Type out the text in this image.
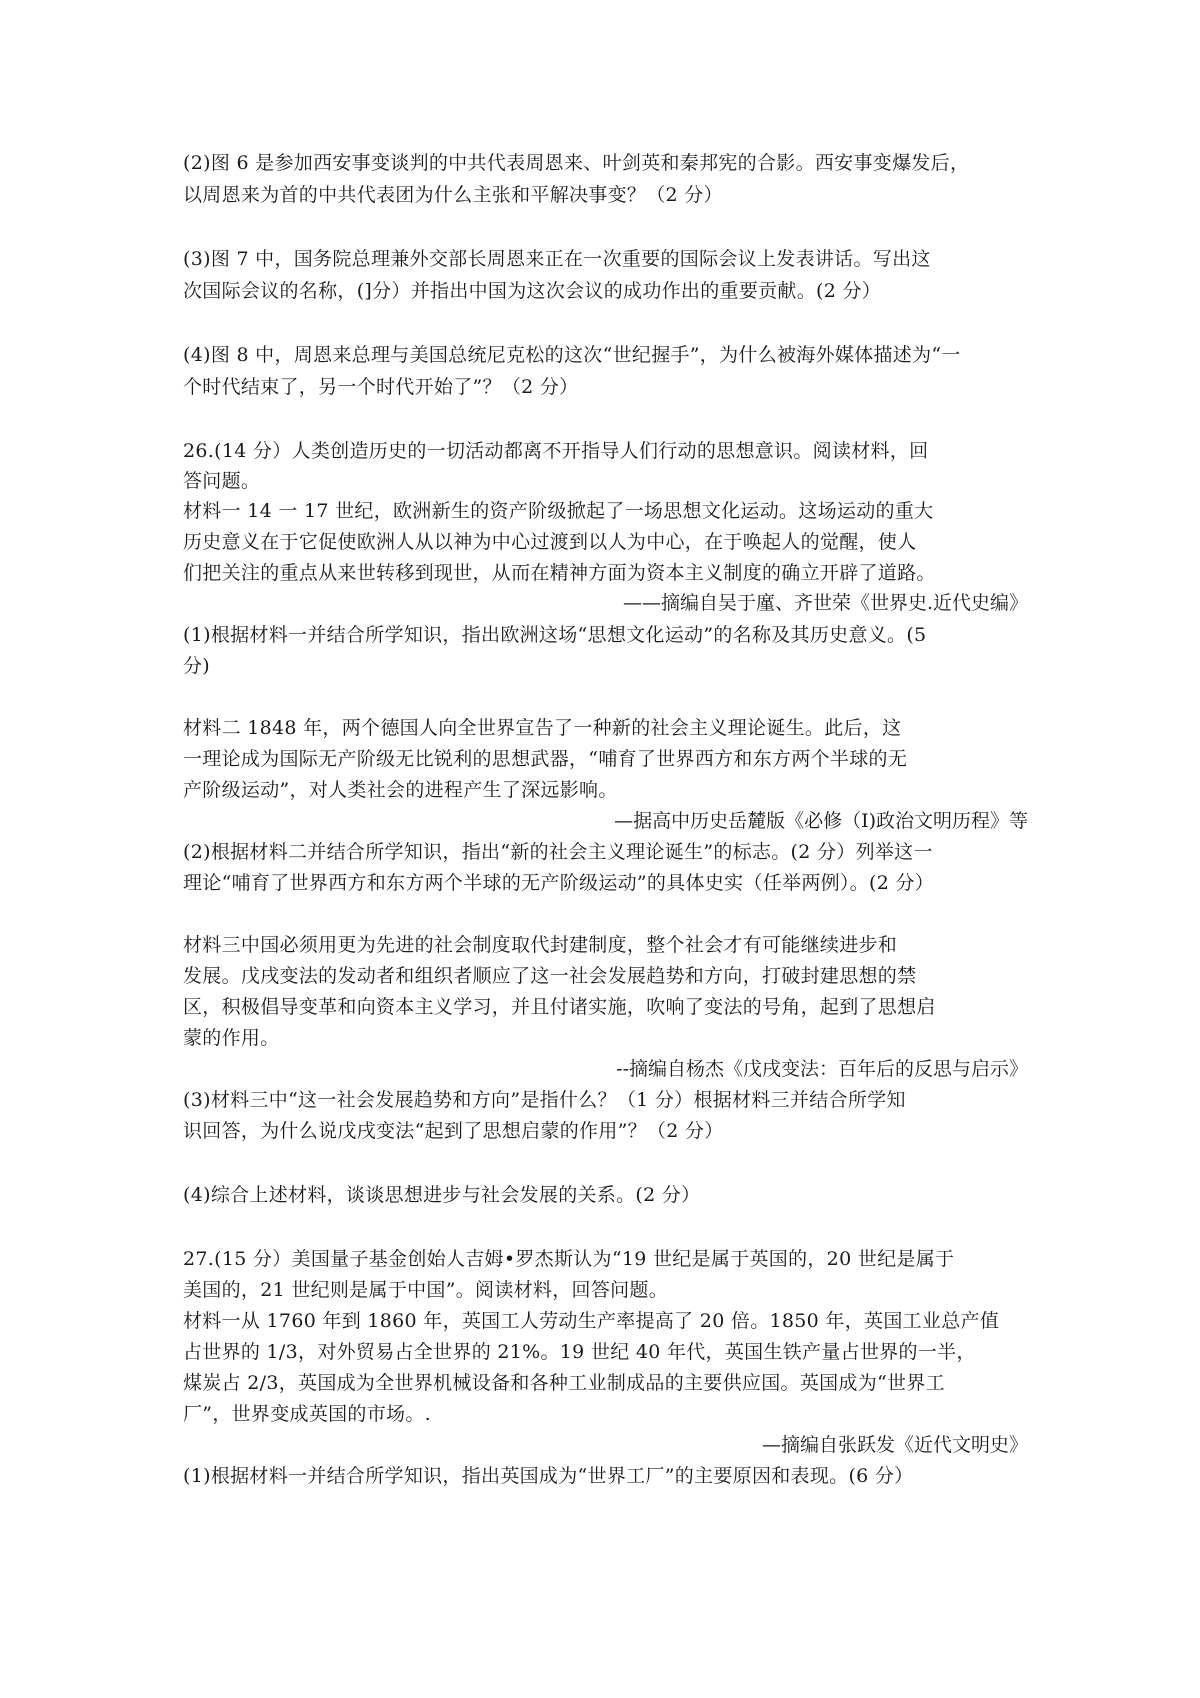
(2)图 6 是参加西安事变谈判的中共代表周恩来、叶剑英和秦邦宪的合影。西安事变爆发后，
以周恩来为首的中共代表团为什么主张和平解决事变？（2 分）
(3)图 7 中，国务院总理兼外交部长周恩来正在一次重要的国际会议上发表讲话。写出这
次国际会议的名称，(]分）并指出中国为这次会议的成功作出的重要贡献。(2 分）
(4)图 8 中，周恩来总理与美国总统尼克松的这次“世纪握手”，为什么被海外媒体描述为“一
个时代结束了，另一个时代开始了”？（2 分）
26.(14 分）人类创造历史的一切活动都离不开指导人们行动的思想意识。阅读材料，回
答问题。
材料一 14 一 17 世纪，欧洲新生的资产阶级掀起了一场思想文化运动。这场运动的重大
历史意义在于它促使欧洲人从以神为中心过渡到以人为中心，在于唤起人的觉醒，使人
们把关注的重点从来世转移到现世，从而在精神方面为资本主义制度的确立开辟了道路。
——摘编自吴于廑、齐世荣《世界史.近代史编》
(1)根据材料一并结合所学知识，指出欧洲这场“思想文化运动”的名称及其历史意义。(5
分)
材料二 1848 年，两个德国人向全世界宣告了一种新的社会主义理论诞生。此后，这
一理论成为国际无产阶级无比锐利的思想武器，“哺育了世界西方和东方两个半球的无
产阶级运动”，对人类社会的进程产生了深远影响。
—据高中历史岳麓版《必修（I)政治文明历程》等
(2)根据材料二并结合所学知识，指出“新的社会主义理论诞生”的标志。(2 分）列举这一
理论“哺育了世界西方和东方两个半球的无产阶级运动”的具体史实（任举两例）。(2 分）
材料三中国必须用更为先进的社会制度取代封建制度，整个社会才有可能继续进步和
发展。戊戌变法的发动者和组织者顺应了这一社会发展趋势和方向，打破封建思想的禁
区，积极倡导变革和向资本主义学习，并且付诸实施，吹响了变法的号角，起到了思想启
蒙的作用。
--摘编自杨杰《戊戌变法：百年后的反思与启示》
(3)材料三中“这一社会发展趋势和方向”是指什么？（1 分）根据材料三并结合所学知
识回答，为什么说戊戌变法“起到了思想启蒙的作用”？（2 分）
(4)综合上述材料，谈谈思想进步与社会发展的关系。(2 分）
27.(15 分）美国量子基金创始人吉姆•罗杰斯认为“19 世纪是属于英国的，20 世纪是属于
美国的，21 世纪则是属于中国”。阅读材料，回答问题。
材料一从 1760 年到 1860 年，英国工人劳动生产率提高了 20 倍。1850 年，英国工业总产值
占世界的 1/3，对外贸易占全世界的 21%。19 世纪 40 年代，英国生铁产量占世界的一半，
煤炭占 2/3，英国成为全世界机械设备和各种工业制成品的主要供应国。英国成为“世界工
厂”，世界变成英国的市场。.
—摘编自张跃发《近代文明史》
(1)根据材料一并结合所学知识，指出英国成为“世界工厂”的主要原因和表现。(6 分）
